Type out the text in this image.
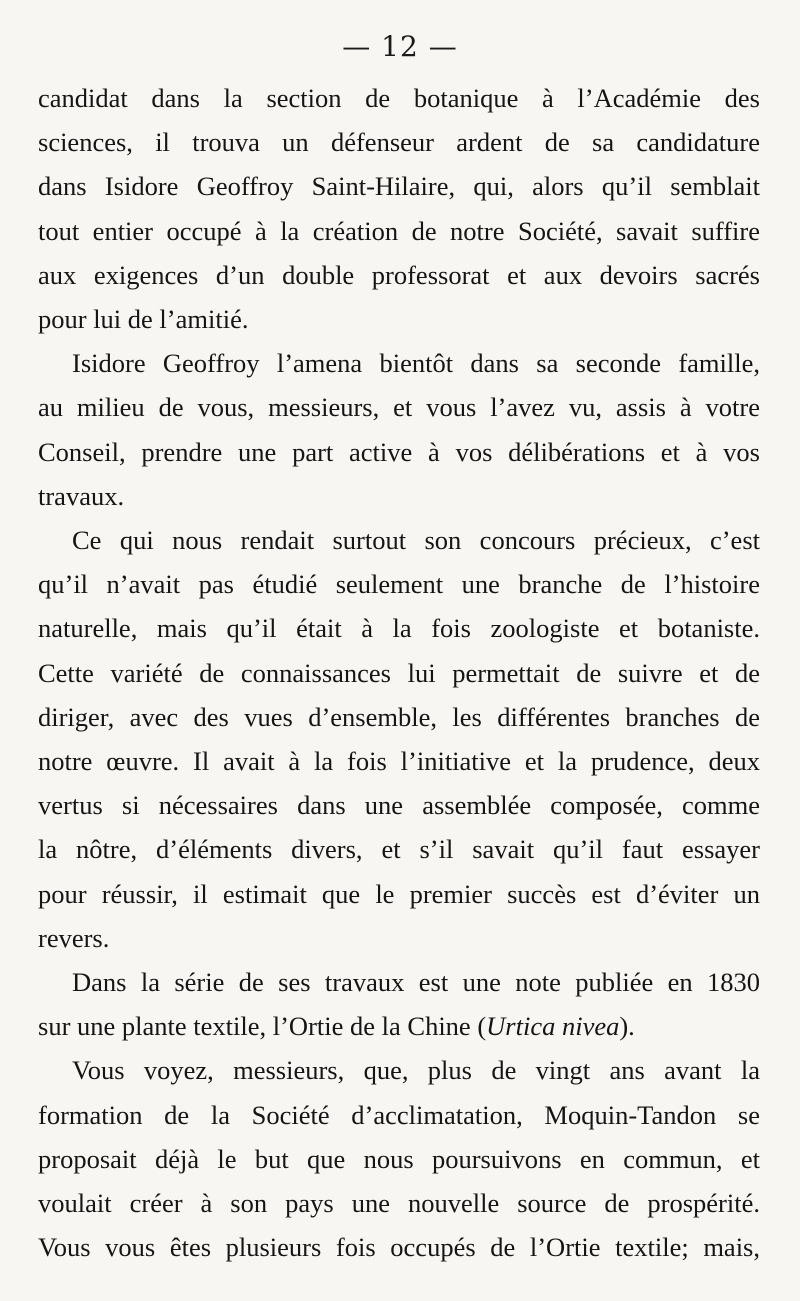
— 12 —
candidat dans la section de botanique à l’Académie des
sciences, il trouva un défenseur ardent de sa candidature
dans Isidore Geoffroy Saint-Hilaire, qui, alors qu’il semblait
tout entier occupé à la création de notre Société, savait suffire
aux exigences d’un double professorat et aux devoirs sacrés
pour lui de l’amitié.
Isidore Geoffroy l’amena bientôt dans sa seconde famille,
au milieu de vous, messieurs, et vous l’avez vu, assis à votre
Conseil, prendre une part active à vos délibérations et à vos
travaux.
Ce qui nous rendait surtout son concours précieux, c’est
qu’il n’avait pas étudié seulement une branche de l’histoire
naturelle, mais qu’il était à la fois zoologiste et botaniste.
Cette variété de connaissances lui permettait de suivre et de
diriger, avec des vues d’ensemble, les différentes branches de
notre œuvre. Il avait à la fois l’initiative et la prudence, deux
vertus si nécessaires dans une assemblée composée, comme
la nôtre, d’éléments divers, et s’il savait qu’il faut essayer
pour réussir, il estimait que le premier succès est d’éviter un
revers.
Dans la série de ses travaux est une note publiée en 1830
sur une plante textile, l’Ortie de la Chine (Urtica nivea).
Vous voyez, messieurs, que, plus de vingt ans avant la
formation de la Société d’acclimatation, Moquin-Tandon se
proposait déjà le but que nous poursuivons en commun, et
voulait créer à son pays une nouvelle source de prospérité.
Vous vous êtes plusieurs fois occupés de l’Ortie textile; mais,
